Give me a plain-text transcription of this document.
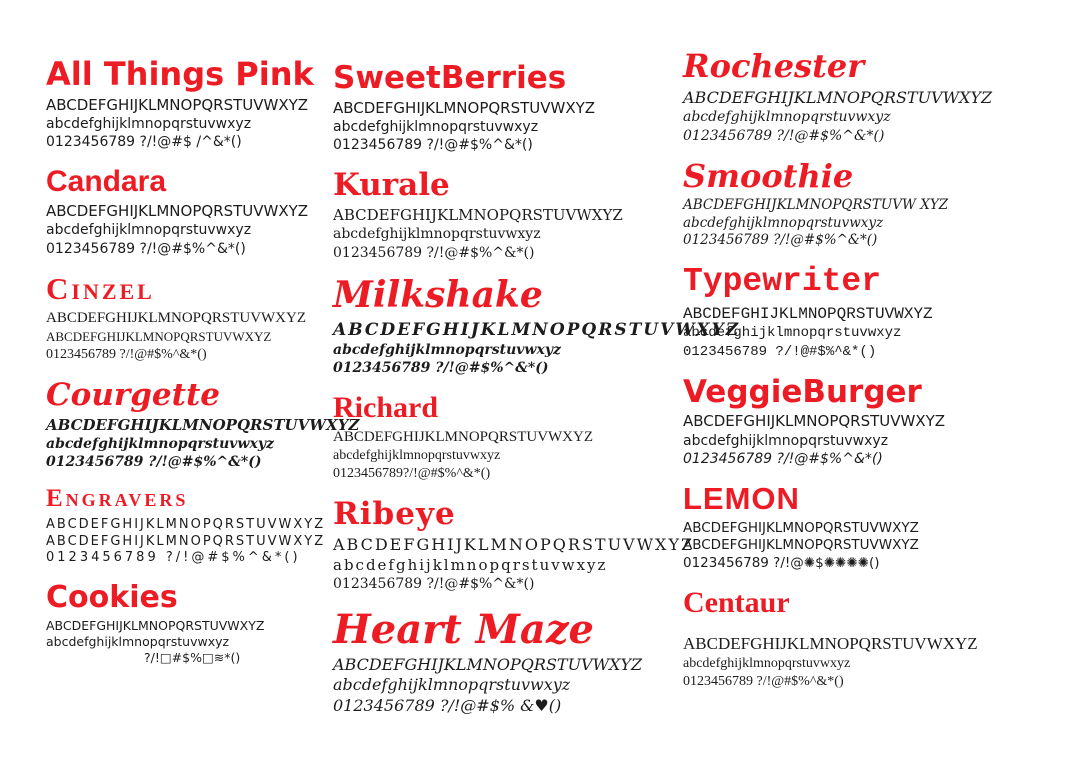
All Things Pink

ABCDEFGHIJKLMNOPQRSTUVWXYZ

abcdefghijklmnopqrstuvwxyz

0123456789 ?/!@#$ /^&*()

Candara

ABCDEFGHIJKLMNOPQRSTUVWXYZ

abcdefghijklmnopqrstuvwxyz

0123456789 ?/!@#$%^&*()

Cinzel

ABCDEFGHIJKLMNOPQRSTUVWXYZ

ABCDEFGHIJKLMNOPQRSTUVWXYZ

0123456789 ?/!@#$%^&*()

Courgette

ABCDEFGHIJKLMNOPQRSTUVWXYZ

abcdefghijklmnopqrstuvwxyz

0123456789 ?/!@#$%^&*()

Engravers

ABCDEFGHIJKLMNOPQRSTUVWXYZ

ABCDEFGHIJKLMNOPQRSTUVWXYZ

0123456789 ?/!@#$%^&*()

Cookies

ABCDEFGHIJKLMNOPQRSTUVWXYZ

abcdefghijklmnopqrstuvwxyz

?/!□#$%□≋*()

SweetBerries

ABCDEFGHIJKLMNOPQRSTUVWXYZ

abcdefghijklmnopqrstuvwxyz

0123456789 ?/!@#$%^&*()

Kurale

ABCDEFGHIJKLMNOPQRSTUVWXYZ

abcdefghijklmnopqrstuvwxyz

0123456789 ?/!@#$%^&*()

Milkshake

ABCDEFGHIJKLMNOPQRSTUVWXYZ

abcdefghijklmnopqrstuvwxyz

0123456789 ?/!@#$%^&*()

Richard

ABCDEFGHIJKLMNOPQRSTUVWXYZ

abcdefghijklmnopqrstuvwxyz

0123456789?/!@#$%^&*()

Ribeye

ABCDEFGHIJKLMNOPQRSTUVWXYZ

abcdefghijklmnopqrstuvwxyz

0123456789 ?/!@#$%^&*()

Heart Maze

ABCDEFGHIJKLMNOPQRSTUVWXYZ

abcdefghijklmnopqrstuvwxyz

0123456789 ?/!@#$% &♥()

Rochester

ABCDEFGHIJKLMNOPQRSTUVWXYZ

abcdefghijklmnopqrstuvwxyz

0123456789 ?/!@#$%^&*()

Smoothie

ABCDEFGHIJKLMNOPQRSTUVW XYZ

abcdefghijklmnopqrstuvwxyz

0123456789 ?/!@#$%^&*()

Typewriter

ABCDEFGHIJKLMNOPQRSTUVWXYZ

abcdefghijklmnopqrstuvwxyz

0123456789 ?/!@#$%^&*()

VeggieBurger

ABCDEFGHIJKLMNOPQRSTUVWXYZ

abcdefghijklmnopqrstuvwxyz

0123456789 ?/!@#$%^&*()

LEMON

ABCDEFGHIJKLMNOPQRSTUVWXYZ

ABCDEFGHIJKLMNOPQRSTUVWXYZ

0123456789 ?/!@✺$✺✺✺✺()

Centaur

ABCDEFGHIJKLMNOPQRSTUVWXYZ

abcdefghijklmnopqrstuvwxyz

0123456789 ?/!@#$%^&*()
